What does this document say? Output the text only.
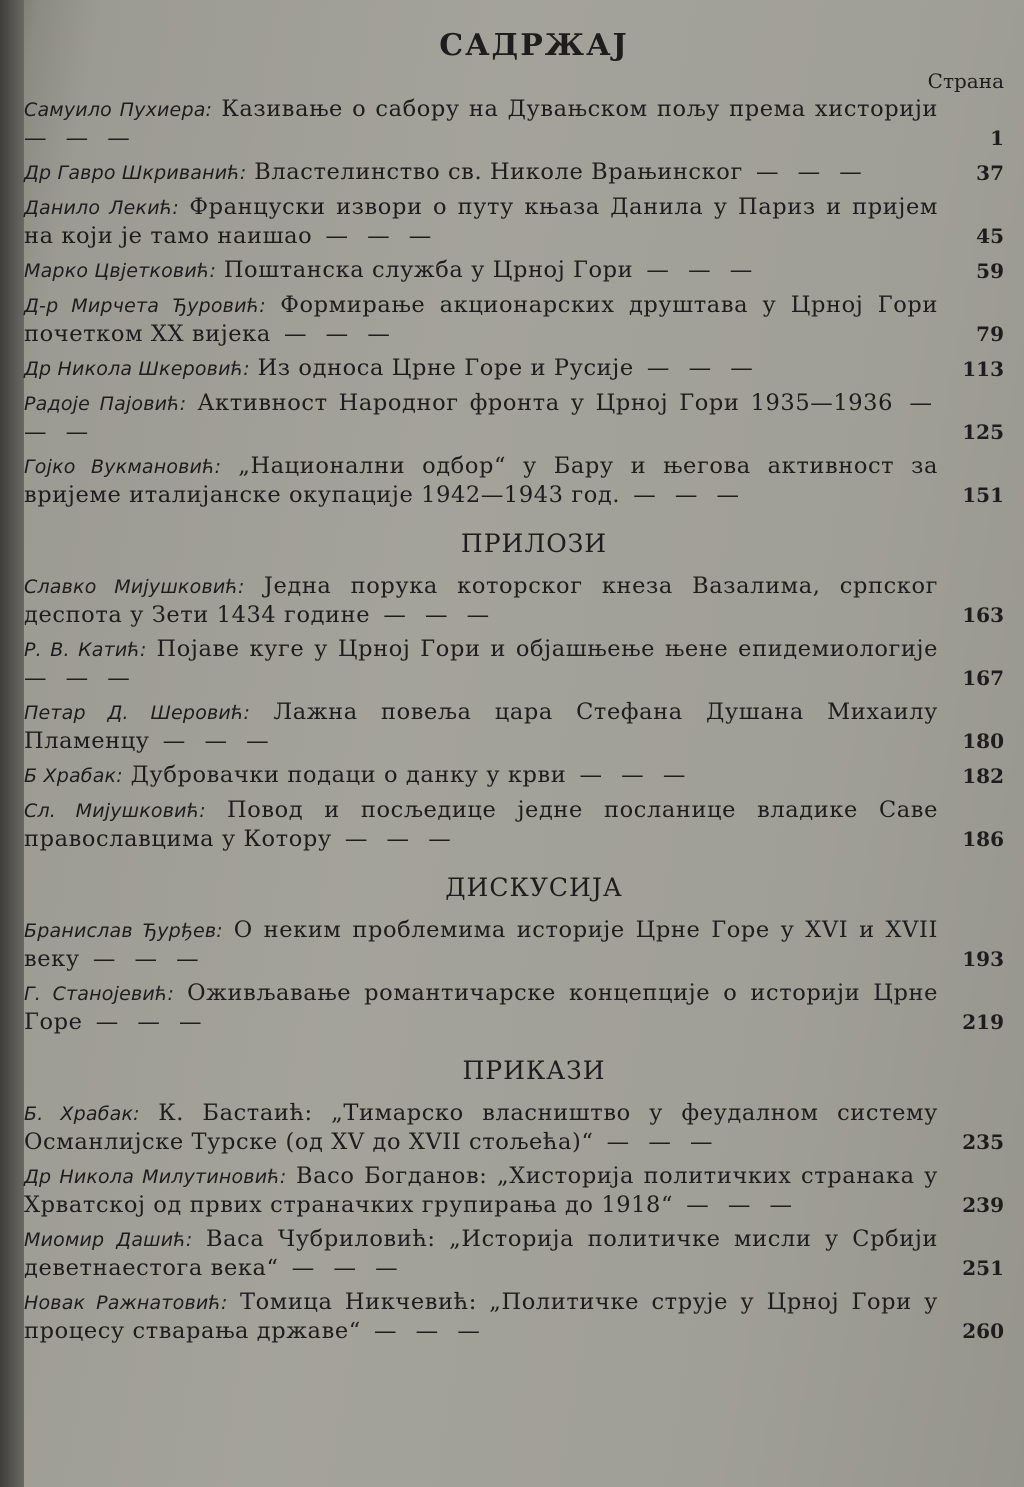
САДРЖАЈ
Страна
Самуило Пухиера: Казивање о сабору на Дувањском пољу према хисторији — — —	1
Др Гавро Шкриванић: Властелинство св. Николе Врањинског — — —	37
Данило Лекић: Француски извори о путу књаза Данила у Париз и пријем на који је тамо наишао — — —	45
Марко Цвјетковић: Поштанска служба у Црној Гори — — —	59
Д-р Мирчета Ђуровић: Формирање акционарских друштава у Црној Гори почетком XX вијека — — —	79
Др Никола Шкеровић: Из односа Црне Горе и Русије — — —	113
Радоје Пајовић: Активност Народног фронта у Црној Гори 1935—1936 — — —	125
Гојко Вукмановић: „Национални одбор“ у Бару и његова активност за вријеме италијанске окупације 1942—1943 год. — — —	151
ПРИЛОЗИ
Славко Мијушковић: Једна порука которског кнеза Вазалима, српског деспота у Зети 1434 године — — —	163
Р. В. Катић: Појаве куге у Црној Гори и објашњење њене епидемиологије — — —	167
Петар Д. Шеровић: Лажна повеља цара Стефана Душана Михаилу Пламенцу — — —	180
Б Храбак: Дубровачки подаци о данку у крви — — —	182
Сл. Мијушковић: Повод и посљедице једне посланице владике Саве православцима у Котору — — —	186
ДИСКУСИЈА
Бранислав Ђурђев: О неким проблемима историје Црне Горе у XVI и XVII веку — — —	193
Г. Станојевић: Оживљавање романтичарске концепције о историји Црне Горе — — —	219
ПРИКАЗИ
Б. Храбак: К. Бастаић: „Тимарско власништво у феудалном систему Османлијске Турске (од XV до XVII стољећа)“ — — —	235
Др Никола Милутиновић: Васо Богданов: „Хисторија политичких странака у Хрватској од првих страначких групирања до 1918“ — — —	239
Миомир Дашић: Васа Чубриловић: „Историја политичке мисли у Србији деветнаестога века“ — — —	251
Новак Ражнатовић: Томица Никчевић: „Политичке струје у Црној Гори у процесу стварања државе“ — — —	260
